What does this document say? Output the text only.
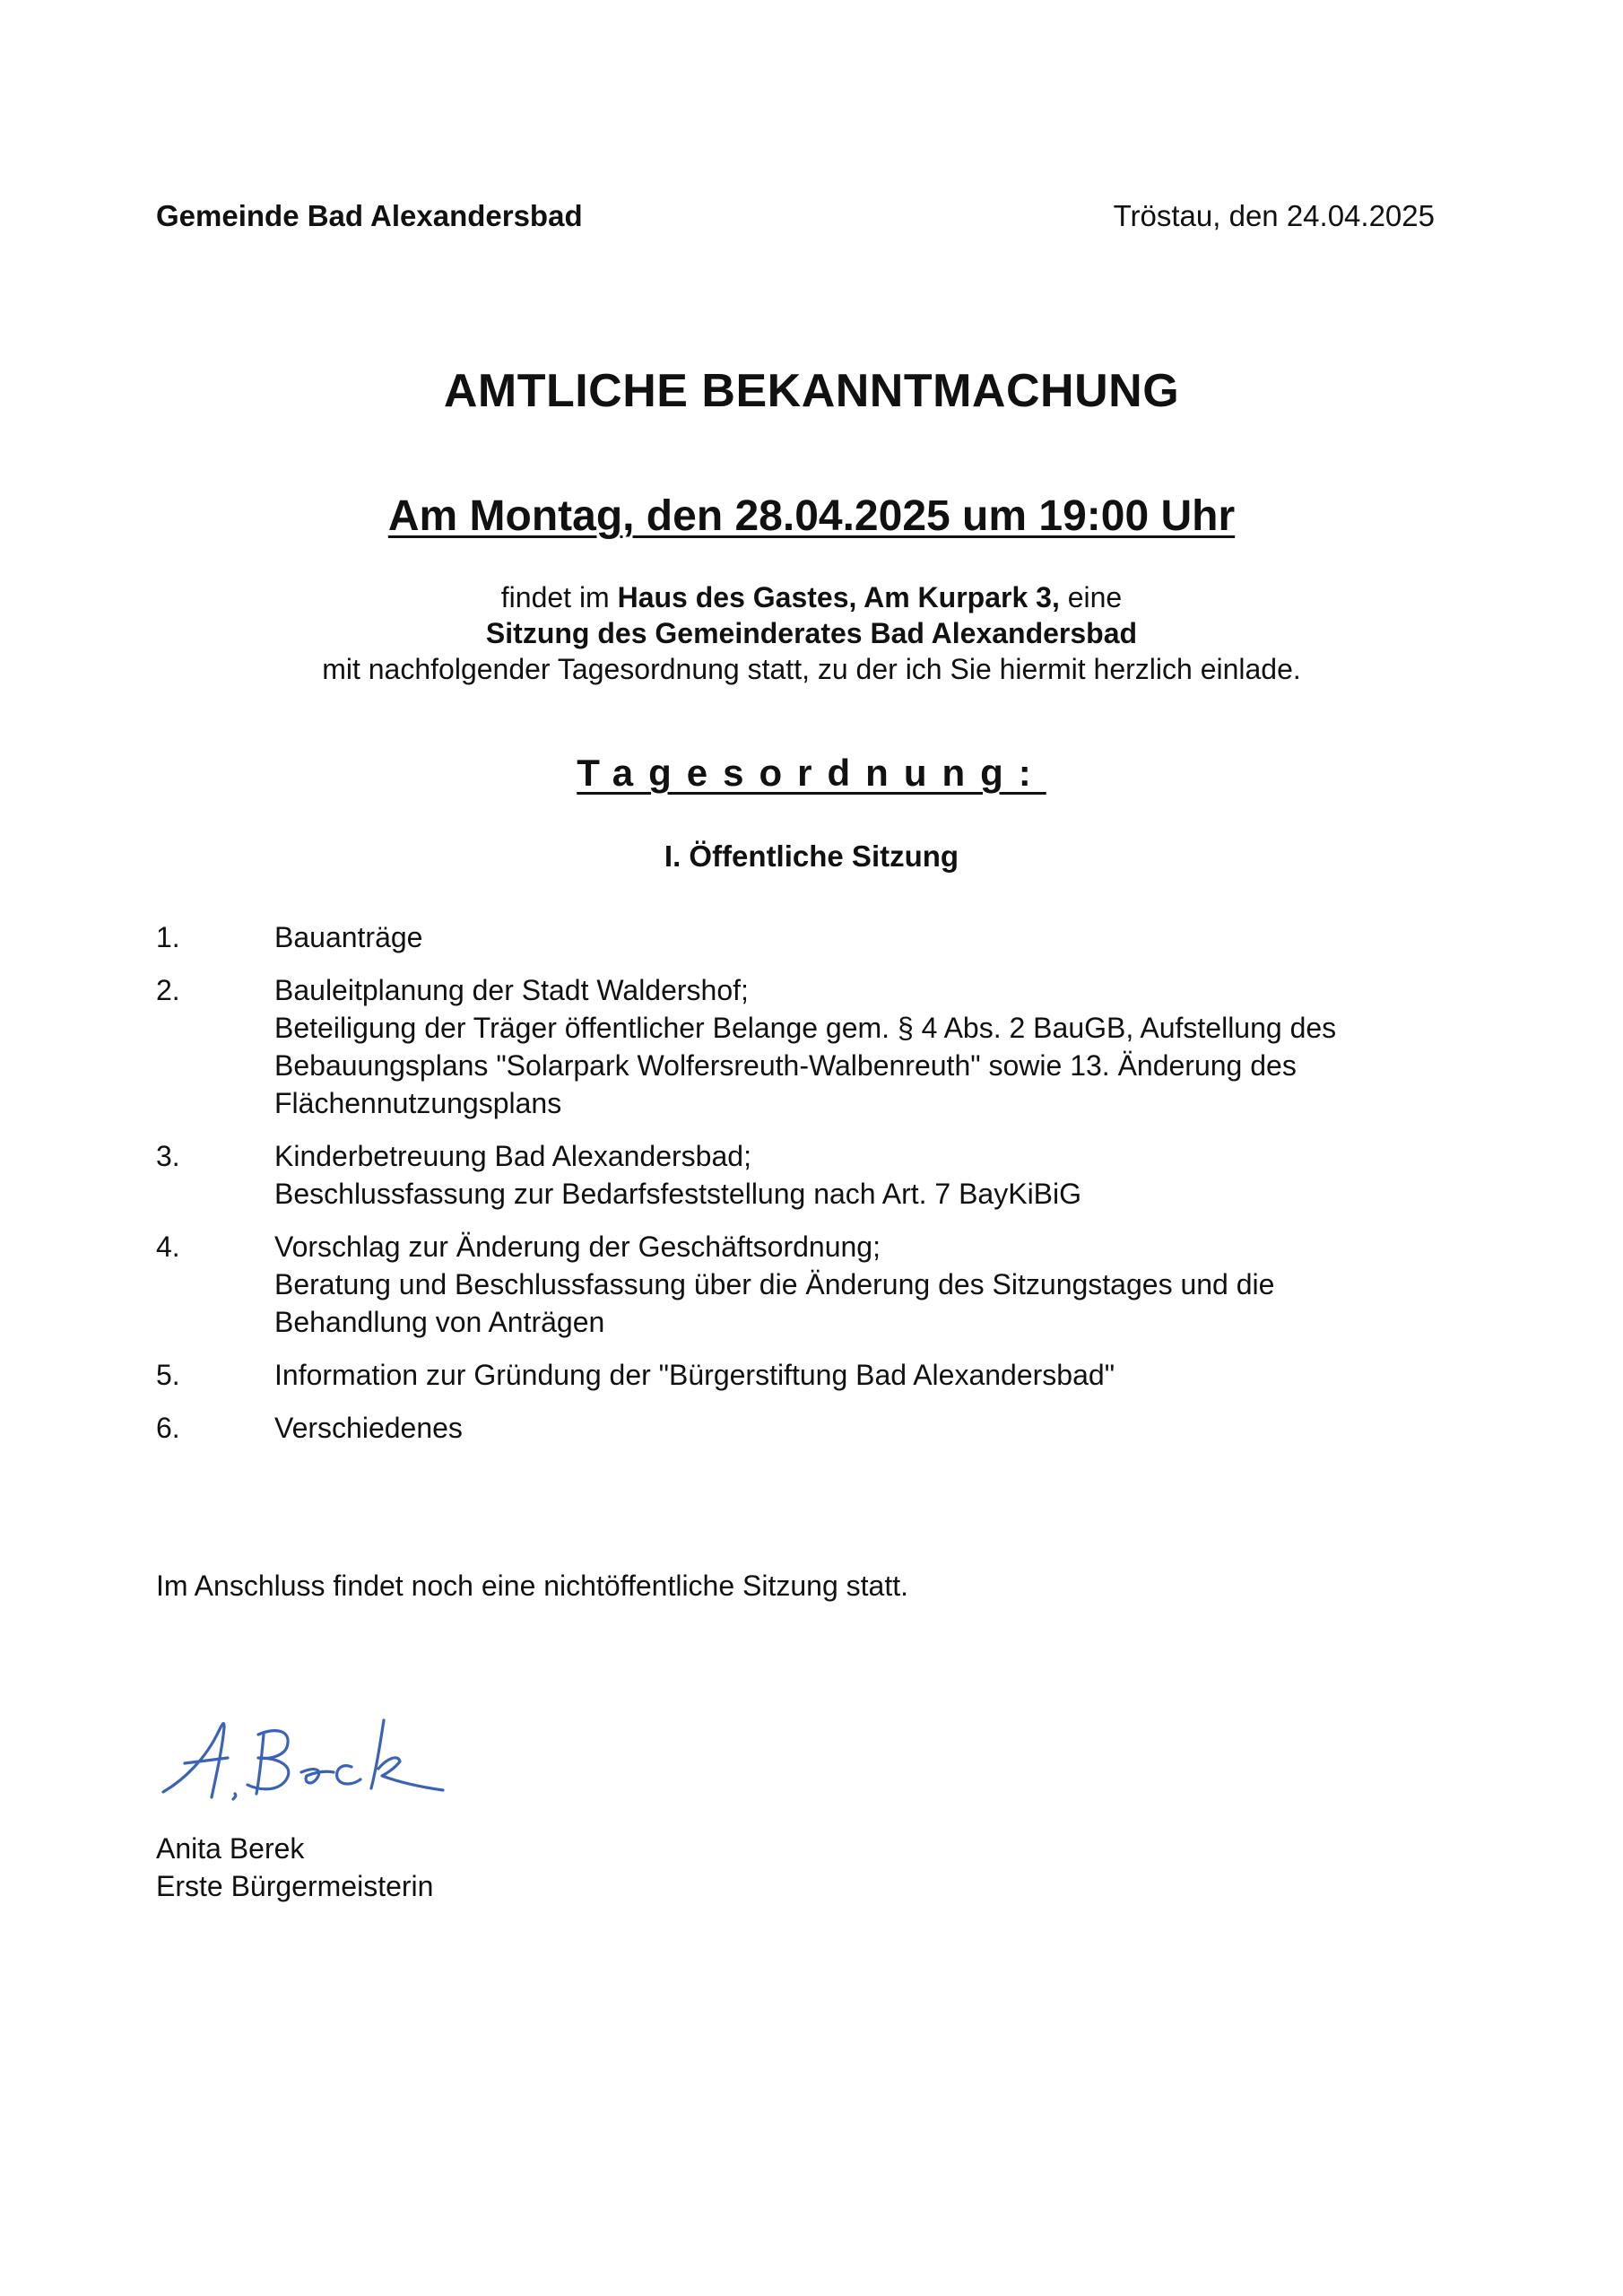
Gemeinde Bad Alexandersbad	Tröstau, den 24.04.2025
AMTLICHE BEKANNTMACHUNG
Am Montag, den 28.04.2025 um 19:00 Uhr
findet im Haus des Gastes, Am Kurpark 3, eine
Sitzung des Gemeinderates Bad Alexandersbad
mit nachfolgender Tagesordnung statt, zu der ich Sie hiermit herzlich einlade.
Tagesordnung:
I. Öffentliche Sitzung
1.	Bauanträge
2.	Bauleitplanung der Stadt Waldershof;
Beteiligung der Träger öffentlicher Belange gem. § 4 Abs. 2 BauGB, Aufstellung des
Bebauungsplans "Solarpark Wolfersreuth-Walbenreuth" sowie 13. Änderung des
Flächennutzungsplans
3.	Kinderbetreuung Bad Alexandersbad;
Beschlussfassung zur Bedarfsfeststellung nach Art. 7 BayKiBiG
4.	Vorschlag zur Änderung der Geschäftsordnung;
Beratung und Beschlussfassung über die Änderung des Sitzungstages und die
Behandlung von Anträgen
5.	Information zur Gründung der "Bürgerstiftung Bad Alexandersbad"
6.	Verschiedenes
Im Anschluss findet noch eine nichtöffentliche Sitzung statt.
Anita Berek
Erste Bürgermeisterin
